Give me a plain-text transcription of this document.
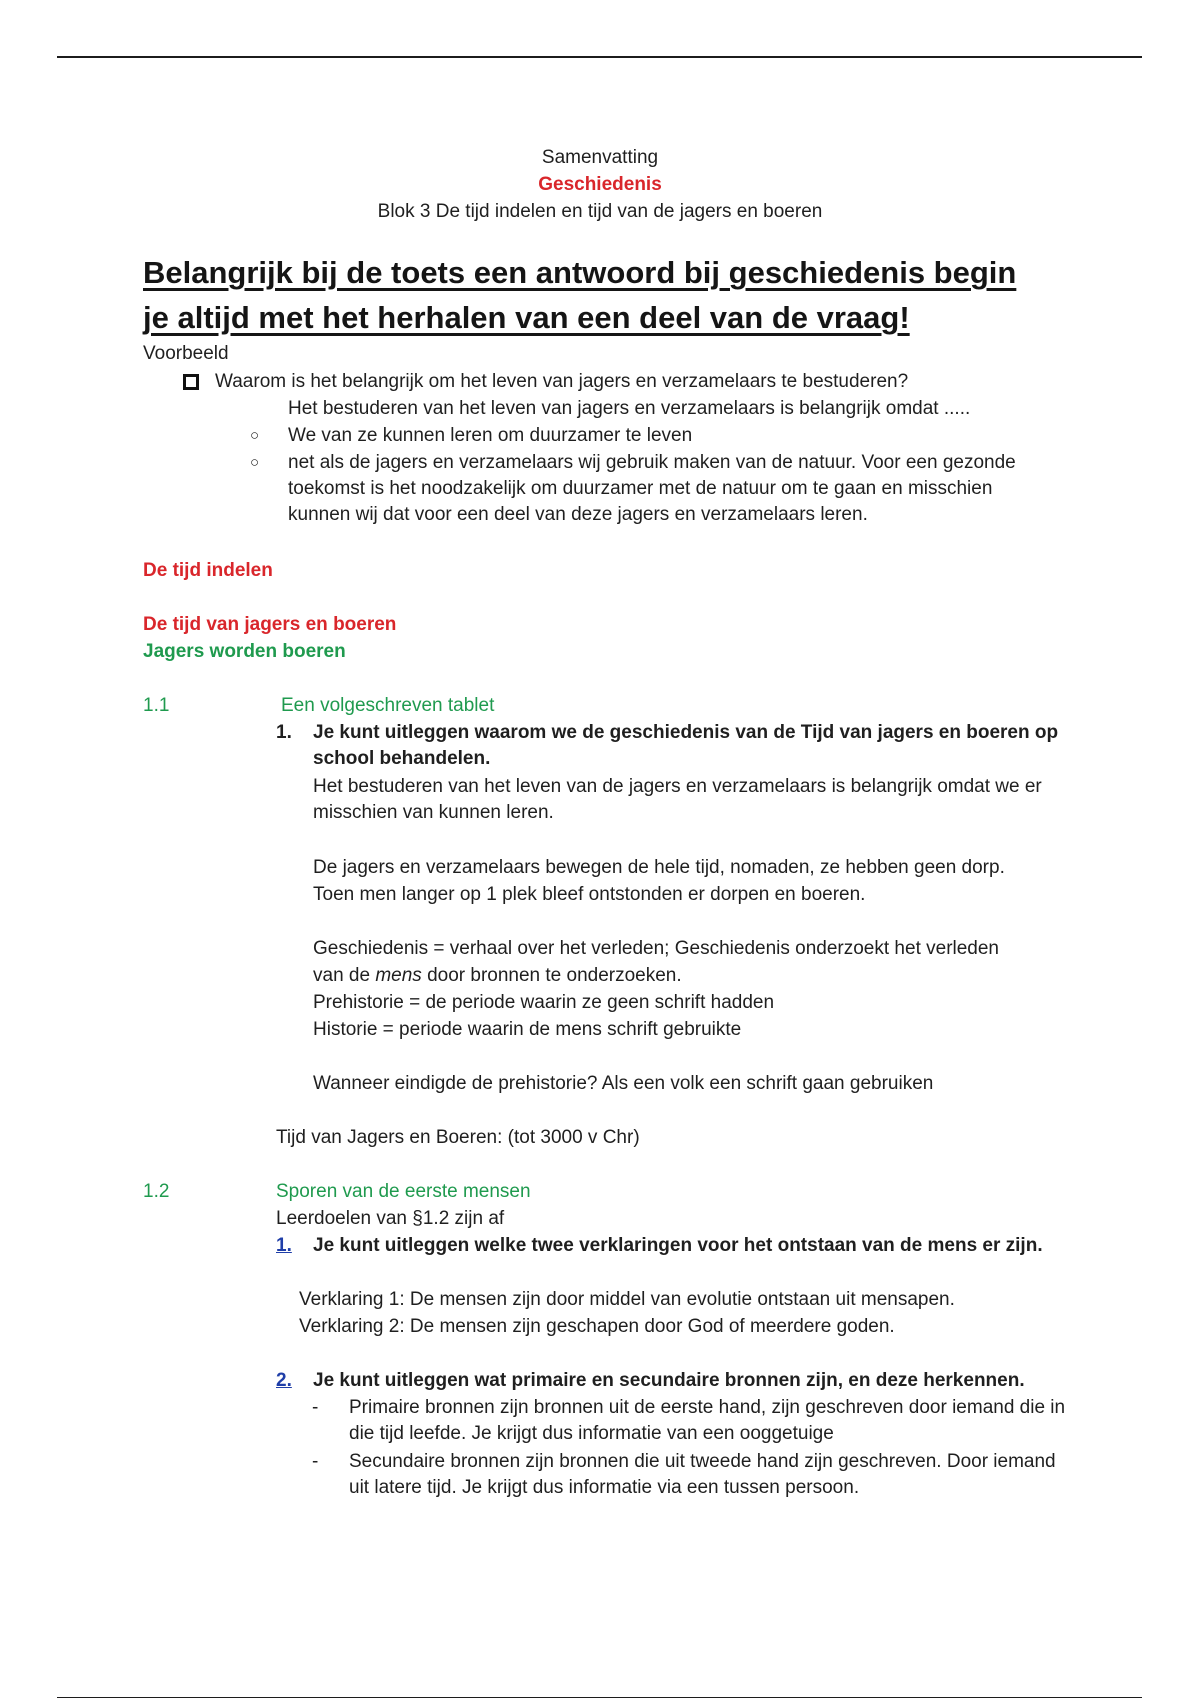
Samenvatting
Geschiedenis
Blok 3 De tijd indelen en tijd van de jagers en boeren
Belangrijk bij de toets een antwoord bij geschiedenis begin
je altijd met het herhalen van een deel van de vraag!
Voorbeeld
Waarom is het belangrijk om het leven van jagers en verzamelaars te bestuderen?
Het bestuderen van het leven van jagers en verzamelaars is belangrijk omdat .....
○ We van ze kunnen leren om duurzamer te leven
○ net als de jagers en verzamelaars wij gebruik maken van de natuur. Voor een gezonde toekomst is het noodzakelijk om duurzamer met de natuur om te gaan en misschien kunnen wij dat voor een deel van deze jagers en verzamelaars leren.
De tijd indelen
De tijd van jagers en boeren
Jagers worden boeren
1.1	Een volgeschreven tablet
1. Je kunt uitleggen waarom we de geschiedenis van de Tijd van jagers en boeren op school behandelen.
Het bestuderen van het leven van de jagers en verzamelaars is belangrijk omdat we er misschien van kunnen leren.
De jagers en verzamelaars bewegen de hele tijd, nomaden, ze hebben geen dorp.
Toen men langer op 1 plek bleef ontstonden er dorpen en boeren.
Geschiedenis = verhaal over het verleden; Geschiedenis onderzoekt het verleden
van de mens door bronnen te onderzoeken.
Prehistorie = de periode waarin ze geen schrift hadden
Historie = periode waarin de mens schrift gebruikte
Wanneer eindigde de prehistorie? Als een volk een schrift gaan gebruiken
Tijd van Jagers en Boeren: (tot 3000 v Chr)
1.2	Sporen van de eerste mensen
Leerdoelen van §1.2 zijn af
1. Je kunt uitleggen welke twee verklaringen voor het ontstaan van de mens er zijn.
Verklaring 1: De mensen zijn door middel van evolutie ontstaan uit mensapen.
Verklaring 2: De mensen zijn geschapen door God of meerdere goden.
2. Je kunt uitleggen wat primaire en secundaire bronnen zijn, en deze herkennen.
- Primaire bronnen zijn bronnen uit de eerste hand, zijn geschreven door iemand die in die tijd leefde. Je krijgt dus informatie van een ooggetuige
- Secundaire bronnen zijn bronnen die uit tweede hand zijn geschreven. Door iemand uit latere tijd. Je krijgt dus informatie via een tussen persoon.
